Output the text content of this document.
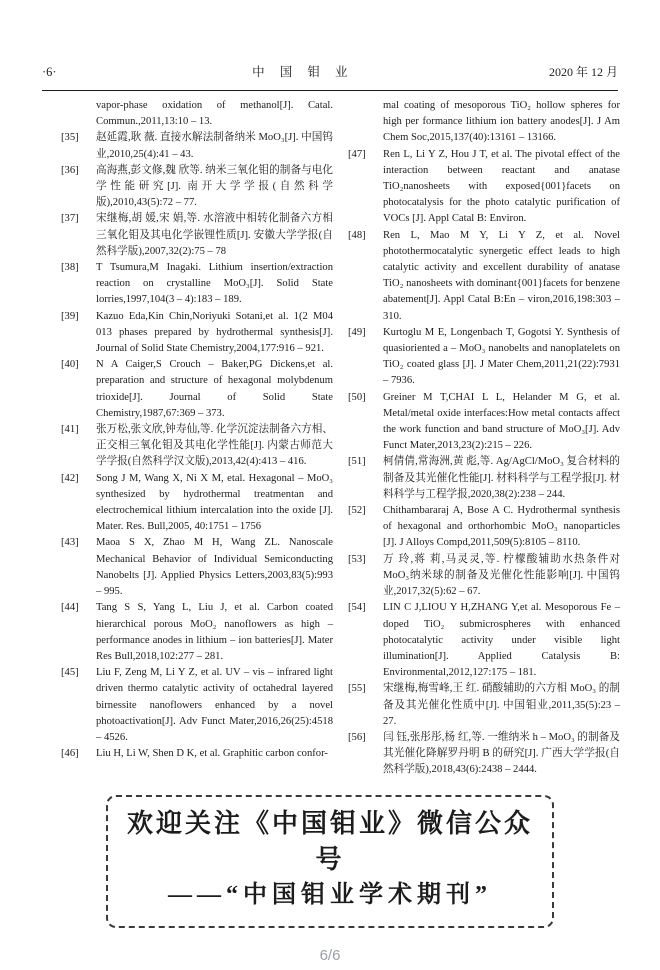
·6·	中 国 钼 业	2020 年 12 月
vapor-phase oxidation of methanol[J]. Catal. Commun.,2011,13:10 – 13.
[35]	赵延霞,耿 薇. 直接水解法制备纳米 MoO₃[J]. 中国钨业,2010,25(4):41 – 43.
[36]	高海燕,彭文修,魏 欣等. 纳米三氧化钼的制备与电化学性能研究[J]. 南开大学学报(自然科学版),2010,43(5):72 – 77.
[37]	宋继梅,胡 媛,宋 娟,等. 水溶液中相转化制备六方相三氧化钼及其电化学嵌锂性质[J]. 安徽大学学报(自然科学版),2007,32(2):75 – 78
[38]	T Tsumura,M Inagaki. Lithium insertion/extraction reaction on crystalline MoO₃[J]. Solid State lorries,1997,104(3 – 4):183 – 189.
[39]	Kazuo Eda,Kin Chin,Noriyuki Sotani,et al. 1(2 M04 013 phases prepared by hydrothermal synthesis[J]. Journal of Solid State Chemistry,2004,177:916 – 921.
[40]	N A Caiger,S Crouch – Baker,PG Dickens,et al. preparation and structure of hexagonal molybdenum trioxide[J]. Journal of Solid State Chemistry,1987,67:369 – 373.
[41]	张万松,张文欣,钟寿仙,等. 化学沉淀法制备六方相、正交相三氧化钼及其电化学性能[J]. 内蒙古师范大学学报(自然科学汉文版),2013,42(4):413 – 416.
[42]	Song J M, Wang X, Ni X M, etal. Hexagonal – MoO₃ synthesized by hydrothermal treatmentan and electrochemical lithium intercalation into the oxide [J]. Mater. Res. Bull,2005, 40:1751 – 1756
[43]	Maoa S X, Zhao M H, Wang ZL. Nanoscale Mechanical Behavior of Individual Semiconducting Nanobelts [J]. Applied Physics Letters,2003,83(5):993 – 995.
[44]	Tang S S, Yang L, Liu J, et al. Carbon coated hierarchical porous MoO₂ nanoflowers as high – performance anodes in lithium – ion batteries[J]. Mater Res Bull,2018,102:277 – 281.
[45]	Liu F, Zeng M, Li Y Z, et al. UV – vis – infrared light driven thermo catalytic activity of octahedral layered birnessite nanoflowers enhanced by a novel photoactivation[J]. Adv Funct Mater,2016,26(25):4518 – 4526.
[46]	Liu H, Li W, Shen D K, et al. Graphitic carbon confor-
mal coating of mesoporous TiO₂ hollow spheres for high per formance lithium ion battery anodes[J]. J Am Chem Soc,2015,137(40):13161 – 13166.
[47]	Ren L, Li Y Z, Hou J T, et al. The pivotal effect of the interaction between reactant and anatase TiO₂nanosheets with exposed{001}facets on photocatalysis for the photo catalytic purification of VOCs [J]. Appl Catal B: Environ.
[48]	Ren L, Mao M Y, Li Y Z, et al. Novel photothermocatalytic synergetic effect leads to high catalytic activity and excellent durability of anatase TiO₂ nanosheets with dominant{001}facets for benzene abatement[J]. Appl Catal B:En – viron,2016,198:303 – 310.
[49]	Kurtoglu M E, Longenbach T, Gogotsi Y. Synthesis of quasioriented a – MoO₃ nanobelts and nanoplatelets on TiO₂ coated glass [J]. J Mater Chem,2011,21(22):7931 – 7936.
[50]	Greiner M T,CHAI L L, Helander M G, et al. Metal/metal oxide interfaces:How metal contacts affect the work function and band structure of MoO₃[J]. Adv Funct Mater,2013,23(2):215 – 226.
[51]	柯倩倩,常海洲,黄 彪,等. Ag/AgCl/MoO₃ 复合材料的制备及其光催化性能[J]. 材料科学与工程学报[J]. 材料科学与工程学报,2020,38(2):238 – 244.
[52]	Chithambararaj A, Bose A C. Hydrothermal synthesis of hexagonal and orthorhombic MoO₃ nanoparticles [J]. J Alloys Compd,2011,509(5):8105 – 8110.
[53]	万 玲,蒋 莉,马灵灵,等. 柠檬酸辅助水热条件对 MoO₃纳米球的制备及光催化性能影响[J]. 中国钨业,2017,32(5):62 – 67.
[54]	LIN C J,LIOU Y H,ZHANG Y,et al. Mesoporous Fe – doped TiO₂ submicrospheres with enhanced photocatalytic activity under visible light illumination[J]. Applied Catalysis B: Environmental,2012,127:175 – 181.
[55]	宋继梅,梅雪峰,王 红. 硝酸辅助的六方相 MoO₃ 的制备及其光催化性质中[J]. 中国钼业,2011,35(5):23 – 27.
[56]	闫 钰,张彤彤,杨 红,等. 一维纳米 h – MoO₃ 的制备及其光催化降解罗丹明 B 的研究[J]. 广西大学学报(自然科学版),2018,43(6):2438 – 2444.
欢迎关注《中国钼业》微信公众号
——“中国钼业学术期刊”
6/6
